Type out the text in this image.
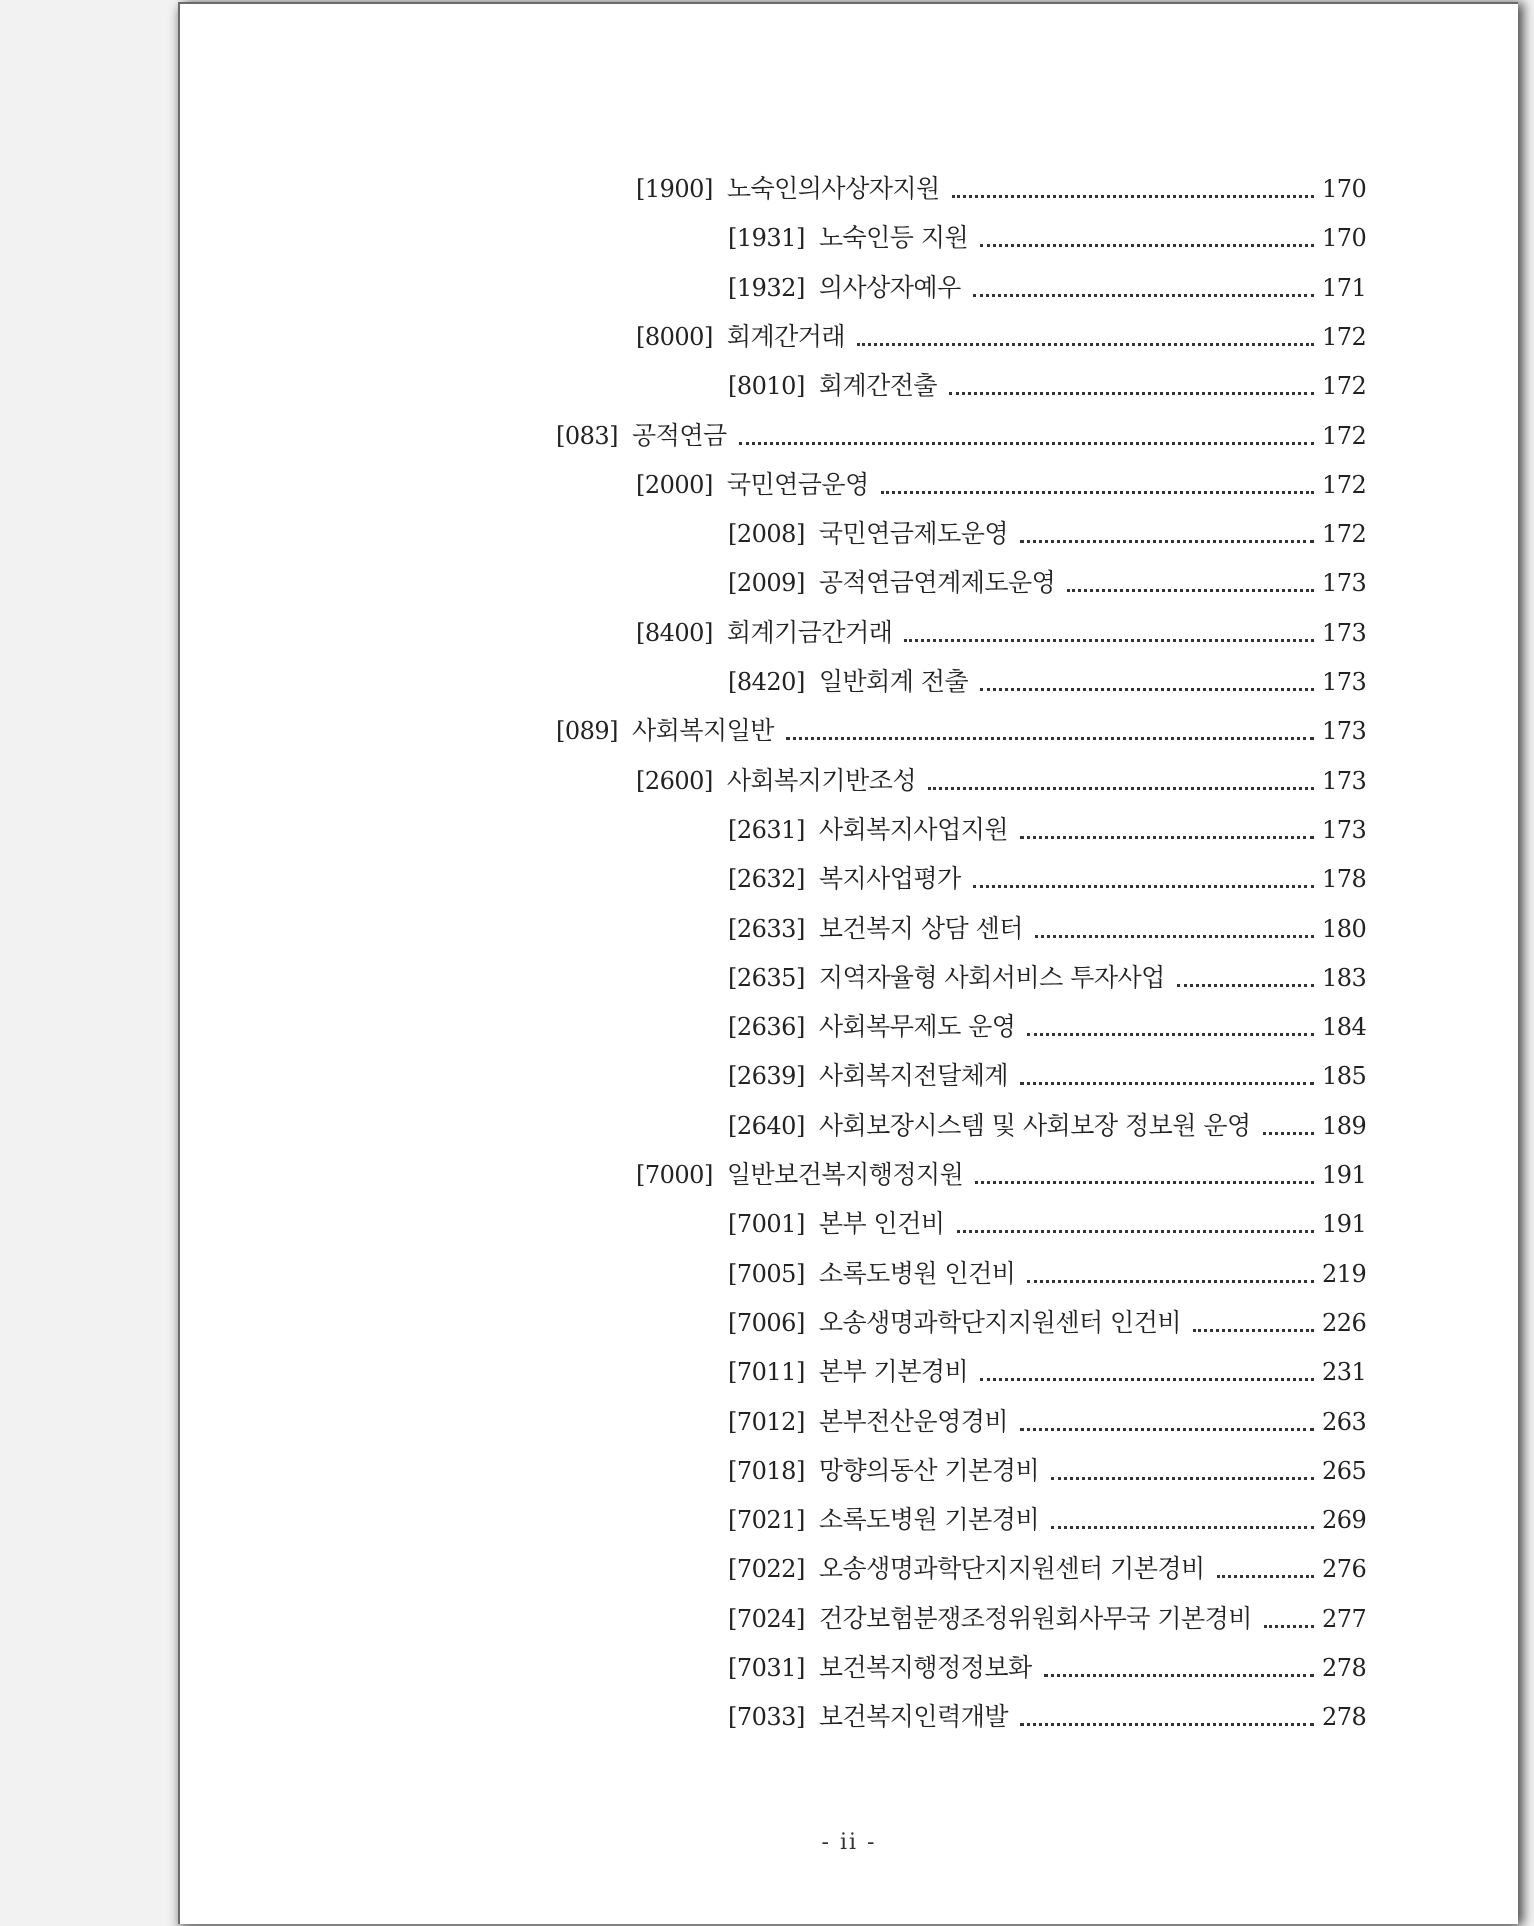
[1900] 노숙인의사상자지원	170
[1931] 노숙인등 지원	170
[1932] 의사상자예우	171
[8000] 회계간거래	172
[8010] 회계간전출	172
[083] 공적연금	172
[2000] 국민연금운영	172
[2008] 국민연금제도운영	172
[2009] 공적연금연계제도운영	173
[8400] 회계기금간거래	173
[8420] 일반회계 전출	173
[089] 사회복지일반	173
[2600] 사회복지기반조성	173
[2631] 사회복지사업지원	173
[2632] 복지사업평가	178
[2633] 보건복지 상담 센터	180
[2635] 지역자율형 사회서비스 투자사업	183
[2636] 사회복무제도 운영	184
[2639] 사회복지전달체계	185
[2640] 사회보장시스템 및 사회보장 정보원 운영	189
[7000] 일반보건복지행정지원	191
[7001] 본부 인건비	191
[7005] 소록도병원 인건비	219
[7006] 오송생명과학단지지원센터 인건비	226
[7011] 본부 기본경비	231
[7012] 본부전산운영경비	263
[7018] 망향의동산 기본경비	265
[7021] 소록도병원 기본경비	269
[7022] 오송생명과학단지지원센터 기본경비	276
[7024] 건강보험분쟁조정위원회사무국 기본경비	277
[7031] 보건복지행정정보화	278
[7033] 보건복지인력개발	278
- ii -
